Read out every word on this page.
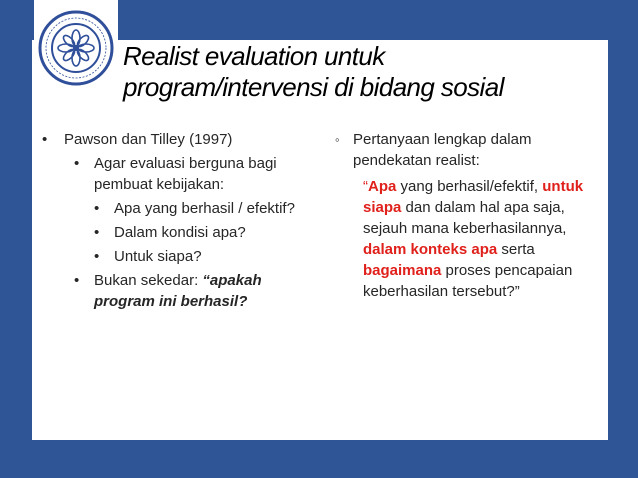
Realist evaluation untuk
program/intervensi di bidang sosial
• Pawson dan Tilley (1997)
• Agar evaluasi berguna bagi pembuat kebijakan:
• Apa yang berhasil / efektif?
• Dalam kondisi apa?
• Untuk siapa?
• Bukan sekedar: “apakah program ini berhasil?
◦ Pertanyaan lengkap dalam pendekatan realist:
“Apa yang berhasil/efektif, untuk siapa dan dalam hal apa saja, sejauh mana keberhasilannya, dalam konteks apa serta bagaimana proses pencapaian keberhasilan tersebut?”
